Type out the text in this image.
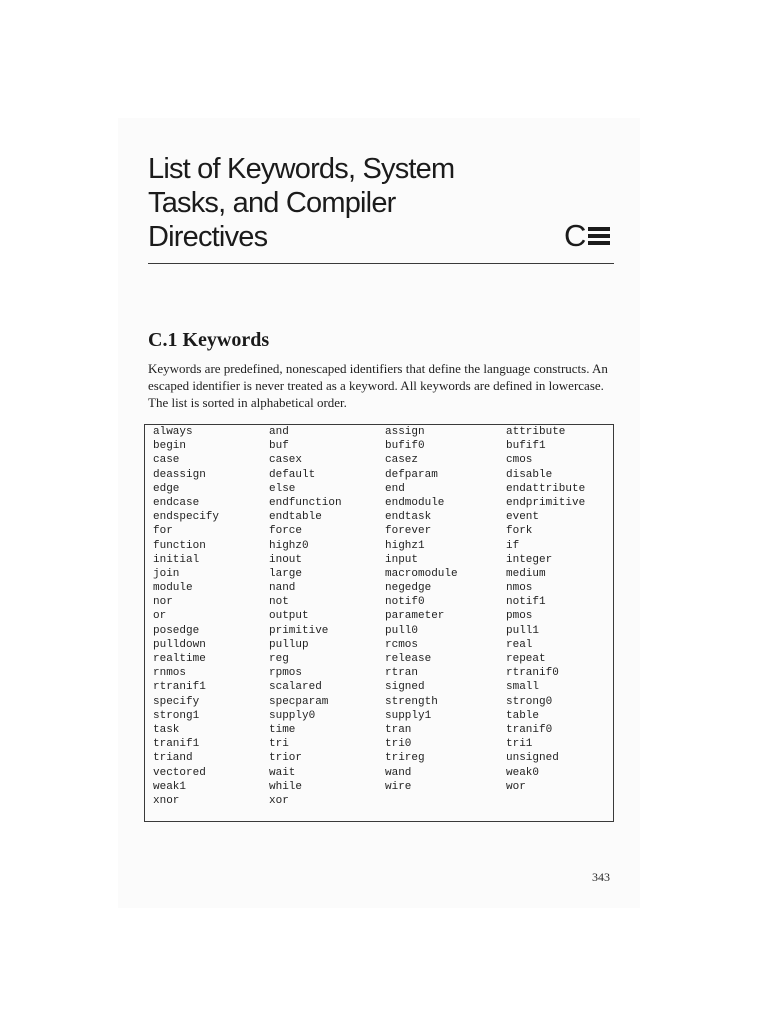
List of Keywords, System
Tasks, and Compiler
Directives	C
C.1 Keywords

Keywords are predefined, nonescaped identifiers that define the language constructs. An escaped identifier is never treated as a keyword. All keywords are defined in lowercase. The list is sorted in alphabetical order.

always	and	assign	attribute
begin	buf	bufif0	bufif1
case	casex	casez	cmos
deassign	default	defparam	disable
edge	else	end	endattribute
endcase	endfunction	endmodule	endprimitive
endspecify	endtable	endtask	event
for	force	forever	fork
function	highz0	highz1	if
initial	inout	input	integer
join	large	macromodule	medium
module	nand	negedge	nmos
nor	not	notif0	notif1
or	output	parameter	pmos
posedge	primitive	pull0	pull1
pulldown	pullup	rcmos	real
realtime	reg	release	repeat
rnmos	rpmos	rtran	rtranif0
rtranif1	scalared	signed	small
specify	specparam	strength	strong0
strong1	supply0	supply1	table
task	time	tran	tranif0
tranif1	tri	tri0	tri1
triand	trior	trireg	unsigned
vectored	wait	wand	weak0
weak1	while	wire	wor
xnor	xor
343
